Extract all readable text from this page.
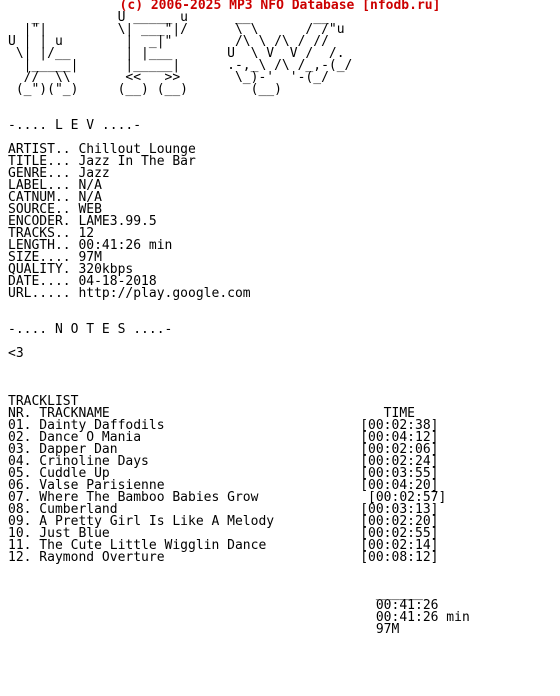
(c) 2006-2025 MP3 NFO Database [nfodb.ru]
_          U _____ u      __        __
|"|         \| ___"|/      \ \      / /"u
U | | u        |  _|"        /\ \ /\ / //
\| |/__       | |___       U  \ V  V /  /.
|_____|      |_____|      .-,_\ /\ /_,-(_/
//  \\       <<   >>       \_)-'  '-(_/
(_")("_)     (__) (__)        (__)

-.... L E V ....-

ARTIST.. Chillout Lounge
TITLE... Jazz In The Bar
GENRE... Jazz
LABEL... N/A
CATNUM.. N/A
SOURCE.. WEB
ENCODER. LAME3.99.5
TRACKS.. 12
LENGTH.. 00:41:26 min
SIZE.... 97M
QUALITY. 320kbps
DATE.... 04-18-2018
URL..... http://play.google.com

-.... N O T E S ....-

<3

TRACKLIST
NR. TRACKNAME                                   TIME
01. Dainty Daffodils                         [00:02:38]
02. Dance O Mania                            [00:04:12]
03. Dapper Dan                               [00:02:06]
04. Crinoline Days                           [00:02:24]
05. Cuddle Up                                [00:03:55]
06. Valse Parisienne                         [00:04:20]
07. Where The Bamboo Babies Grow              [00:02:57]
08. Cumberland                               [00:03:13]
09. A Pretty Girl Is Like A Melody           [00:02:20]
10. Just Blue                                [00:02:55]
11. The Cute Little Wigglin Dance            [00:02:14]
12. Raymond Overture                         [00:08:12]

______
00:41:26
00:41:26 min
97M
